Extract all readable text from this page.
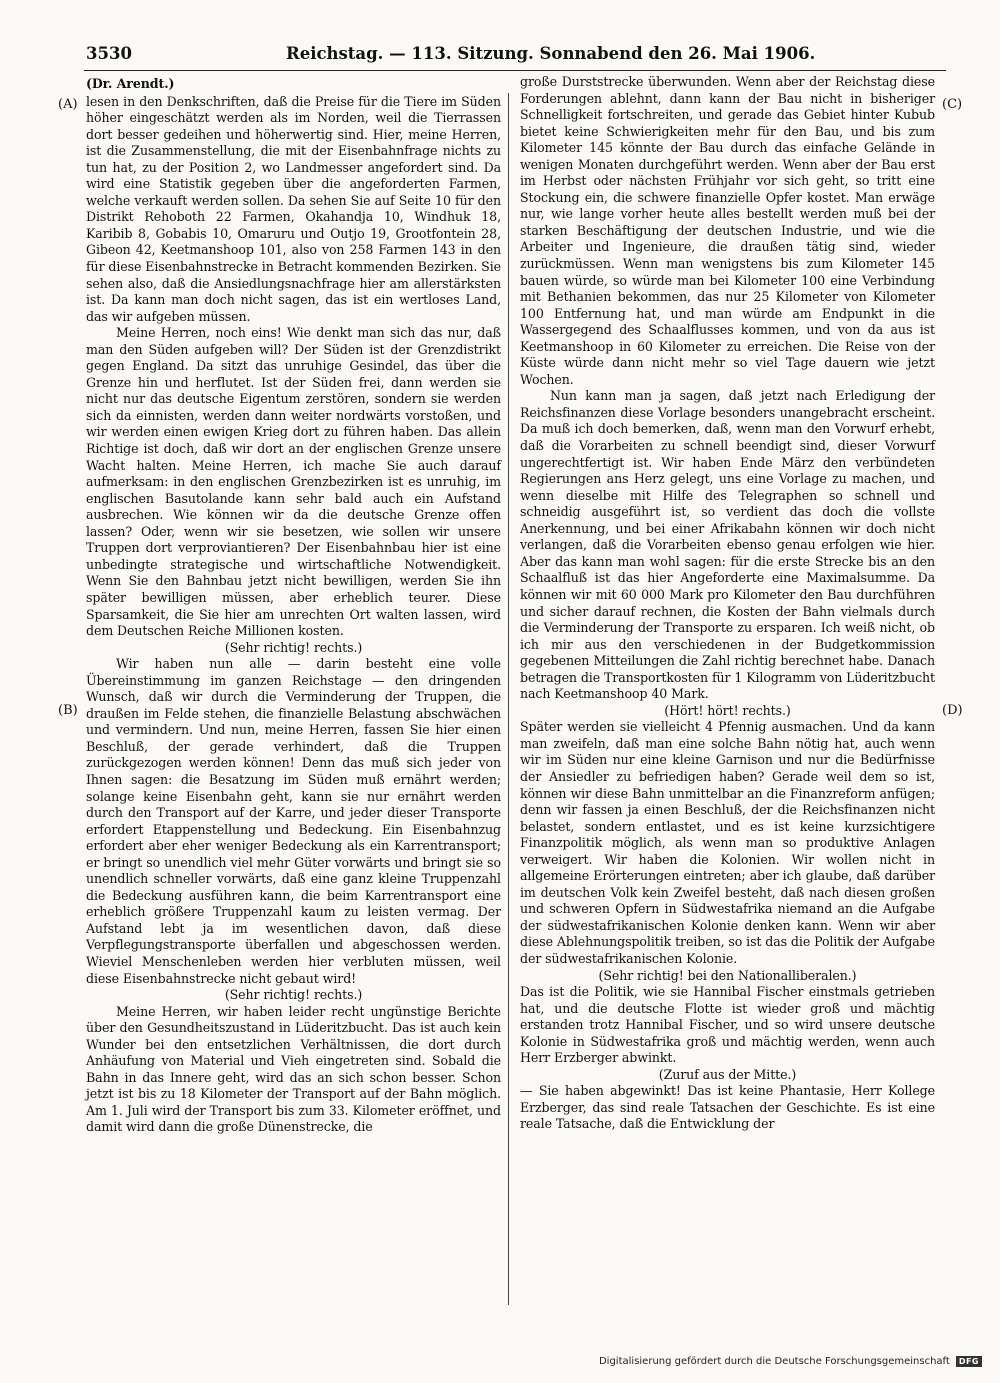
3530	Reichstag. — 113. Sitzung. Sonnabend den 26. Mai 1906.
(A)
(B)
(C)
(D)
(Dr. Arendt.)

lesen in den Denkschriften, daß die Preise für die Tiere im Süden höher eingeschätzt werden als im Norden, weil die Tierrassen dort besser gedeihen und höherwertig sind. Hier, meine Herren, ist die Zusammenstellung, die mit der Eisenbahnfrage nichts zu tun hat, zu der Position 2, wo Landmesser angefordert sind. Da wird eine Statistik gegeben über die angeforderten Farmen, welche verkauft werden sollen. Da sehen Sie auf Seite 10 für den Distrikt Rehoboth 22 Farmen, Okahandja 10, Windhuk 18, Karibib 8, Gobabis 10, Omaruru und Outjo 19, Grootfontein 28, Gibeon 42, Keetmanshoop 101, also von 258 Farmen 143 in den für diese Eisenbahnstrecke in Betracht kommenden Bezirken. Sie sehen also, daß die Ansiedlungsnachfrage hier am allerstärksten ist. Da kann man doch nicht sagen, das ist ein wertloses Land, das wir aufgeben müssen.

Meine Herren, noch eins! Wie denkt man sich das nur, daß man den Süden aufgeben will? Der Süden ist der Grenzdistrikt gegen England. Da sitzt das unruhige Gesindel, das über die Grenze hin und herflutet. Ist der Süden frei, dann werden sie nicht nur das deutsche Eigentum zerstören, sondern sie werden sich da einnisten, werden dann weiter nordwärts vorstoßen, und wir werden einen ewigen Krieg dort zu führen haben. Das allein Richtige ist doch, daß wir dort an der englischen Grenze unsere Wacht halten. Meine Herren, ich mache Sie auch darauf aufmerksam: in den englischen Grenzbezirken ist es unruhig, im englischen Basutolande kann sehr bald auch ein Aufstand ausbrechen. Wie können wir da die deutsche Grenze offen lassen? Oder, wenn wir sie besetzen, wie sollen wir unsere Truppen dort verproviantieren? Der Eisenbahnbau hier ist eine unbedingte strategische und wirtschaftliche Notwendigkeit. Wenn Sie den Bahnbau jetzt nicht bewilligen, werden Sie ihn später bewilligen müssen, aber erheblich teurer. Diese Sparsamkeit, die Sie hier am unrechten Ort walten lassen, wird dem Deutschen Reiche Millionen kosten.

(Sehr richtig! rechts.)

Wir haben nun alle — darin besteht eine volle Übereinstimmung im ganzen Reichstage — den dringenden Wunsch, daß wir durch die Verminderung der Truppen, die draußen im Felde stehen, die finanzielle Belastung abschwächen und vermindern. Und nun, meine Herren, fassen Sie hier einen Beschluß, der gerade verhindert, daß die Truppen zurückgezogen werden können! Denn das muß sich jeder von Ihnen sagen: die Besatzung im Süden muß ernährt werden; solange keine Eisenbahn geht, kann sie nur ernährt werden durch den Transport auf der Karre, und jeder dieser Transporte erfordert Etappenstellung und Bedeckung. Ein Eisenbahnzug erfordert aber eher weniger Bedeckung als ein Karrentransport; er bringt so unendlich viel mehr Güter vorwärts und bringt sie so unendlich schneller vorwärts, daß eine ganz kleine Truppenzahl die Bedeckung ausführen kann, die beim Karrentransport eine erheblich größere Truppenzahl kaum zu leisten vermag. Der Aufstand lebt ja im wesentlichen davon, daß diese Verpflegungstransporte überfallen und abgeschossen werden. Wieviel Menschenleben werden hier verbluten müssen, weil diese Eisenbahnstrecke nicht gebaut wird!

(Sehr richtig! rechts.)

Meine Herren, wir haben leider recht ungünstige Berichte über den Gesundheitszustand in Lüderitzbucht. Das ist auch kein Wunder bei den entsetzlichen Verhältnissen, die dort durch Anhäufung von Material und Vieh eingetreten sind. Sobald die Bahn in das Innere geht, wird das an sich schon besser. Schon jetzt ist bis zu 18 Kilometer der Transport auf der Bahn möglich. Am 1. Juli wird der Transport bis zum 33. Kilometer eröffnet, und damit wird dann die große Dünenstrecke, die

große Durststrecke überwunden. Wenn aber der Reichstag diese Forderungen ablehnt, dann kann der Bau nicht in bisheriger Schnelligkeit fortschreiten, und gerade das Gebiet hinter Kubub bietet keine Schwierigkeiten mehr für den Bau, und bis zum Kilometer 145 könnte der Bau durch das einfache Gelände in wenigen Monaten durchgeführt werden. Wenn aber der Bau erst im Herbst oder nächsten Frühjahr vor sich geht, so tritt eine Stockung ein, die schwere finanzielle Opfer kostet. Man erwäge nur, wie lange vorher heute alles bestellt werden muß bei der starken Beschäftigung der deutschen Industrie, und wie die Arbeiter und Ingenieure, die draußen tätig sind, wieder zurückmüssen. Wenn man wenigstens bis zum Kilometer 145 bauen würde, so würde man bei Kilometer 100 eine Verbindung mit Bethanien bekommen, das nur 25 Kilometer von Kilometer 100 Entfernung hat, und man würde am Endpunkt in die Wassergegend des Schaalflusses kommen, und von da aus ist Keetmanshoop in 60 Kilometer zu erreichen. Die Reise von der Küste würde dann nicht mehr so viel Tage dauern wie jetzt Wochen.

Nun kann man ja sagen, daß jetzt nach Erledigung der Reichsfinanzen diese Vorlage besonders unangebracht erscheint. Da muß ich doch bemerken, daß, wenn man den Vorwurf erhebt, daß die Vorarbeiten zu schnell beendigt sind, dieser Vorwurf ungerechtfertigt ist. Wir haben Ende März den verbündeten Regierungen ans Herz gelegt, uns eine Vorlage zu machen, und wenn dieselbe mit Hilfe des Telegraphen so schnell und schneidig ausgeführt ist, so verdient das doch die vollste Anerkennung, und bei einer Afrikabahn können wir doch nicht verlangen, daß die Vorarbeiten ebenso genau erfolgen wie hier. Aber das kann man wohl sagen: für die erste Strecke bis an den Schaalfluß ist das hier Angeforderte eine Maximalsumme. Da können wir mit 60 000 Mark pro Kilometer den Bau durchführen und sicher darauf rechnen, die Kosten der Bahn vielmals durch die Verminderung der Transporte zu ersparen. Ich weiß nicht, ob ich mir aus den verschiedenen in der Budgetkommission gegebenen Mitteilungen die Zahl richtig berechnet habe. Danach betragen die Transportkosten für 1 Kilogramm von Lüderitzbucht nach Keetmanshoop 40 Mark.

(Hört! hört! rechts.)

Später werden sie vielleicht 4 Pfennig ausmachen. Und da kann man zweifeln, daß man eine solche Bahn nötig hat, auch wenn wir im Süden nur eine kleine Garnison und nur die Bedürfnisse der Ansiedler zu befriedigen haben? Gerade weil dem so ist, können wir diese Bahn unmittelbar an die Finanzreform anfügen; denn wir fassen ja einen Beschluß, der die Reichsfinanzen nicht belastet, sondern entlastet, und es ist keine kurzsichtigere Finanzpolitik möglich, als wenn man so produktive Anlagen verweigert. Wir haben die Kolonien. Wir wollen nicht in allgemeine Erörterungen eintreten; aber ich glaube, daß darüber im deutschen Volk kein Zweifel besteht, daß nach diesen großen und schweren Opfern in Südwestafrika niemand an die Aufgabe der südwestafrikanischen Kolonie denken kann. Wenn wir aber diese Ablehnungspolitik treiben, so ist das die Politik der Aufgabe der südwestafrikanischen Kolonie.

(Sehr richtig! bei den Nationalliberalen.)

Das ist die Politik, wie sie Hannibal Fischer einstmals getrieben hat, und die deutsche Flotte ist wieder groß und mächtig erstanden trotz Hannibal Fischer, und so wird unsere deutsche Kolonie in Südwestafrika groß und mächtig werden, wenn auch Herr Erzberger abwinkt.

(Zuruf aus der Mitte.)

— Sie haben abgewinkt! Das ist keine Phantasie, Herr Kollege Erzberger, das sind reale Tatsachen der Geschichte. Es ist eine reale Tatsache, daß die Entwicklung der

Digitalisierung gefördert durch die Deutsche Forschungsgemeinschaft	DFG
